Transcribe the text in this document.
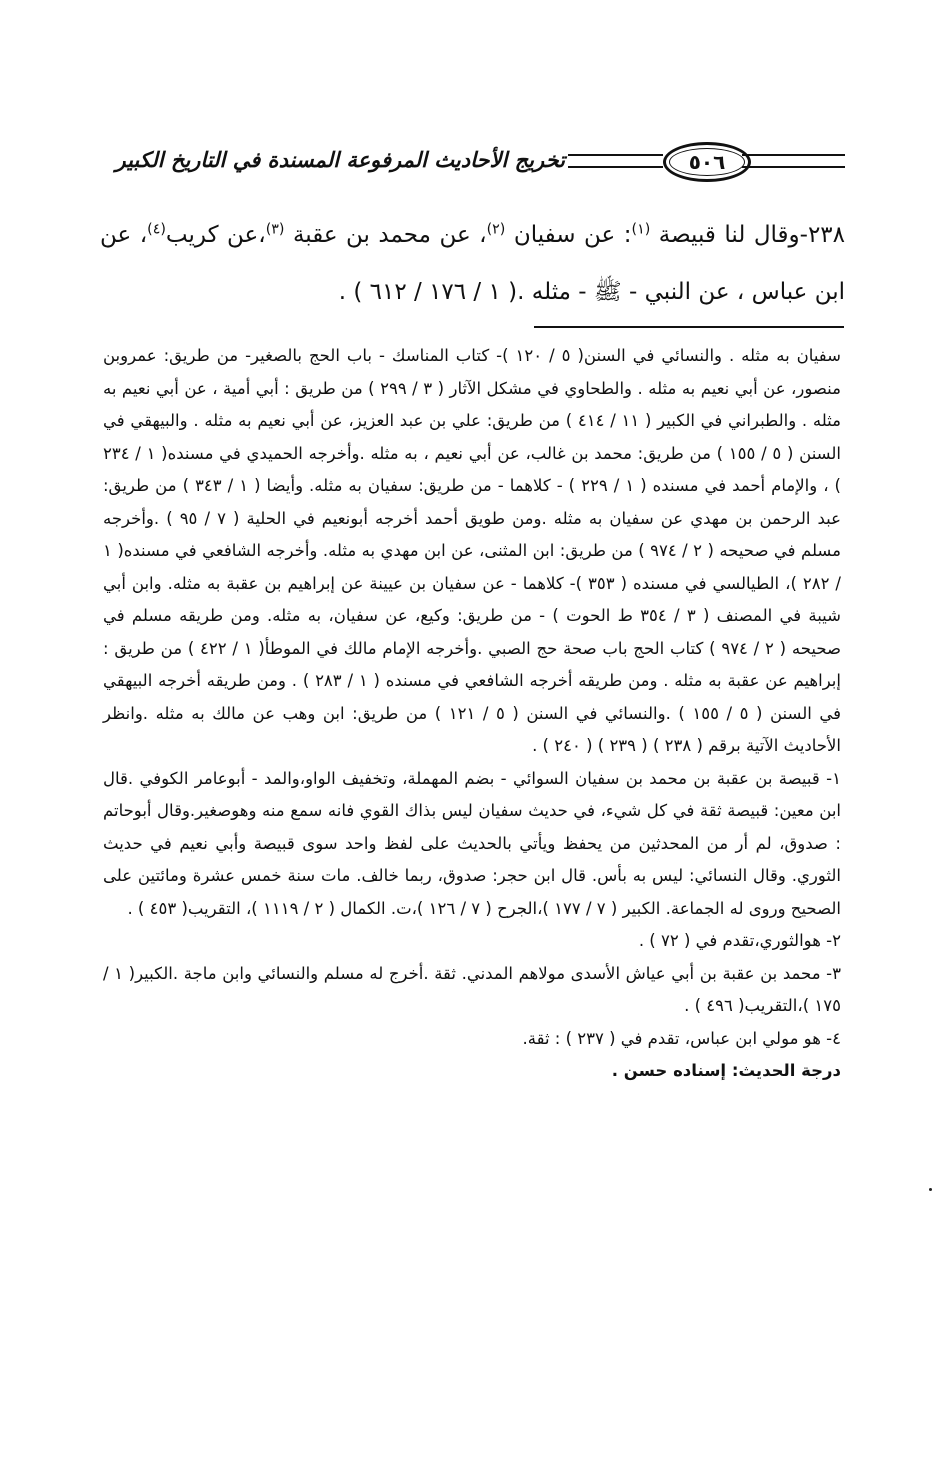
٥٠٦
تخريج الأحاديث المرفوعة المسندة في التاريخ الكبير
٢٣٨-وقال لنا قبيصة $^{(١)}$: عن سفيان $^{(٢)}$، عن محمد بن عقبة $^{(٣)}$،عن كريب$^{(٤)}$، عن ابن عباس ، عن النبي - ﷺ - مثله .( ١ / ١٧٦ / ٦١٢ ) .

سفيان به مثله . والنسائي في السنن( ٥ / ١٢٠ )- كتاب المناسك - باب الحج بالصغير- من طريق: عمروبن منصور، عن أبي نعيم به مثله . والطحاوي في مشكل الآثار ( ٣ / ٢٩٩ ) من طريق : أبي أمية ، عن أبي نعيم به مثله . والطبراني في الكبير ( ١١ / ٤١٤ ) من طريق: علي بن عبد العزيز، عن أبي نعيم به مثله . والبيهقي في السنن ( ٥ / ١٥٥ ) من طريق: محمد بن غالب، عن أبي نعيم ، به مثله .وأخرجه الحميدي في مسنده( ١ / ٢٣٤ ) ، والإمام أحمد في مسنده ( ١ / ٢٢٩ ) - كلاهما - من طريق: سفيان به مثله. وأيضا ( ١ / ٣٤٣ ) من طريق: عبد الرحمن بن مهدي عن سفيان به مثله .ومن طويق أحمد أخرجه أبونعيم في الحلية ( ٧ / ٩٥ ) .وأخرجه مسلم في صحيحه ( ٢ / ٩٧٤ ) من طريق: ابن المثنى، عن ابن مهدي به مثله. وأخرجه الشافعي في مسنده( ١ / ٢٨٢ )، الطيالسي في مسنده ( ٣٥٣ )- كلاهما - عن سفيان بن عيينة عن إبراهيم بن عقبة به مثله. وابن أبي شيبة في المصنف ( ٣ / ٣٥٤ ط الحوت ) - من طريق: وكيع، عن سفيان، به مثله. ومن طريقه مسلم في صحيحه ( ٢ / ٩٧٤ ) كتاب الحج باب صحة حج الصبي .وأخرجه الإمام مالك في الموطأ( ١ / ٤٢٢ ) من طريق : إبراهيم عن عقبة به مثله . ومن طريقه أخرجه الشافعي في مسنده ( ١ / ٢٨٣ ) . ومن طريقه أخرجه البيهقي في السنن ( ٥ / ١٥٥ ) .والنسائي في السنن ( ٥ / ١٢١ ) من طريق: ابن وهب عن مالك به مثله .وانظر الأحاديث الآتية برقم ( ٢٣٨ ) ( ٢٣٩ ) ( ٢٤٠ ) .

١- قبيصة بن عقبة بن محمد بن سفيان السوائي - بضم المهملة، وتخفيف الواو،والمد - أبوعامر الكوفي .قال ابن معين: قبيصة ثقة في كل شيء، في حديث سفيان ليس بذاك القوي فانه سمع منه وهوصغير.وقال أبوحاتم : صدوق، لم أر من المحدثين من يحفظ ويأتي بالحديث على لفظ واحد سوى قبيصة وأبي نعيم في حديث الثوري. وقال النسائي: ليس به بأس. قال ابن حجر: صدوق، ربما خالف. مات سنة خمس عشرة ومائتين على الصحيح وروى له الجماعة. الكبير ( ٧ / ١٧٧ )،الجرح ( ٧ / ١٢٦ )،ت. الكمال ( ٢ / ١١١٩ )، التقريب( ٤٥٣ ) .
٢- هوالثوري،تقدم في ( ٧٢ ) .
٣- محمد بن عقبة بن أبي عياش الأسدى مولاهم المدني. ثقة .أخرج له مسلم والنسائي وابن ماجة .الكبير( ١ / ١٧٥ )،التقريب( ٤٩٦ ) .
٤- هو مولي ابن عباس، تقدم في ( ٢٣٧ ) : ثقة.
درجة الحديث: إسناده حسن .
